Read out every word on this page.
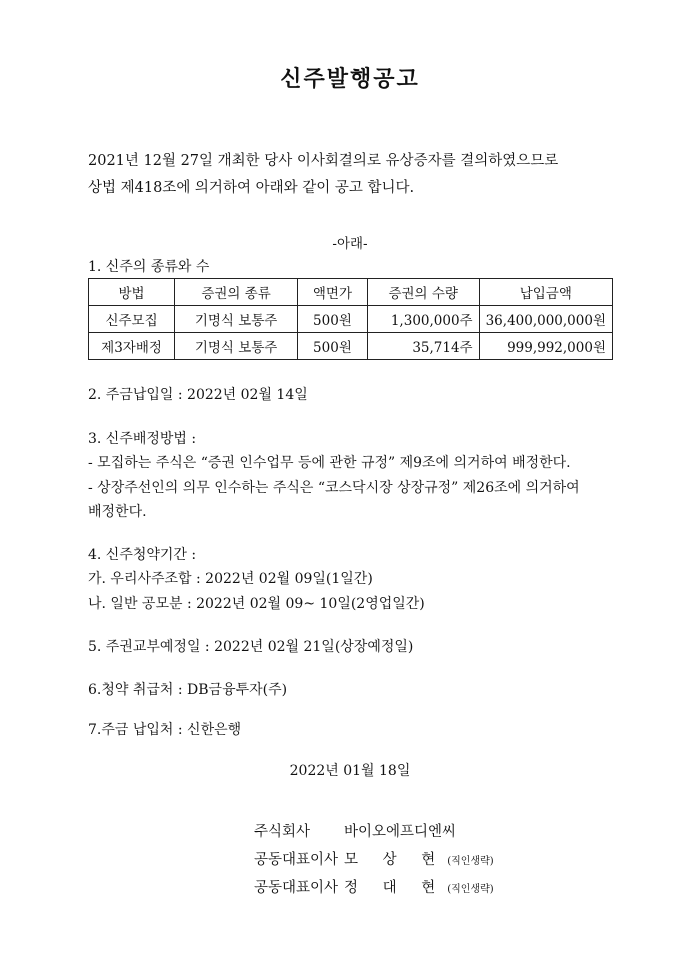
신주발행공고

2021년 12월 27일 개최한 당사 이사회결의로 유상증자를 결의하였으므로

상법 제418조에 의거하여 아래와 같이 공고 합니다.

-아래-
1. 신주의 종류와 수
방법	증권의 종류	액면가	증권의 수량	납입금액
신주모집	기명식 보통주	500원	1,300,000주	36,400,000,000원
제3자배정	기명식 보통주	500원	35,714주	999,992,000원
2. 주금납입일 : 2022년 02월 14일
3. 신주배정방법 :
- 모집하는 주식은 “증권 인수업무 등에 관한 규정” 제9조에 의거하여 배정한다.
- 상장주선인의 의무 인수하는 주식은 “코스닥시장 상장규정” 제26조에 의거하여
배정한다.
4. 신주청약기간 :
가. 우리사주조합 : 2022년 02월 09일(1일간)
나. 일반 공모분 : 2022년 02월 09~ 10일(2영업일간)
5. 주권교부예정일 : 2022년 02월 21일(상장예정일)
6.청약 취급처 : DB금융투자(주)
7.주금 납입처 : 신한은행
2022년 01월 18일
주식회사 바이오에프디엔씨
공동대표이사 모 상 현 (직인생략)
공동대표이사 정 대 현 (직인생략)
